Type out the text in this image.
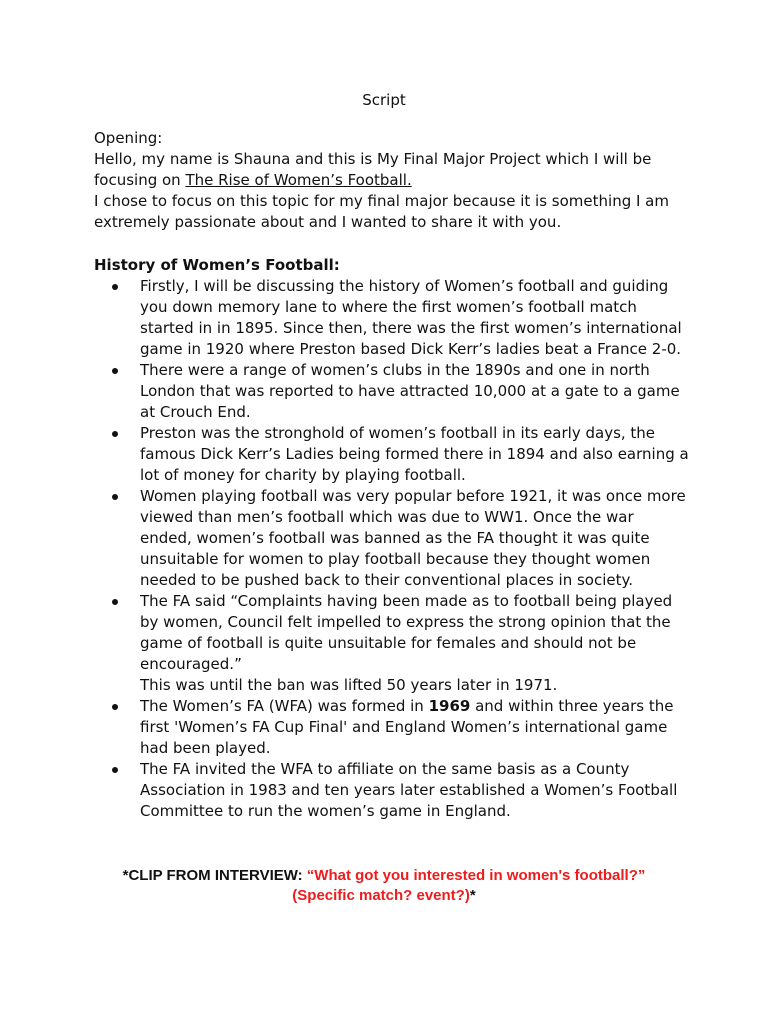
Script
Opening:
Hello, my name is Shauna and this is My Final Major Project which I will be
focusing on The Rise of Women’s Football.
I chose to focus on this topic for my final major because it is something I am
extremely passionate about and I wanted to share it with you.
History of Women’s Football:
Firstly, I will be discussing the history of Women’s football and guiding
you down memory lane to where the first women’s football match
started in in 1895. Since then, there was the first women’s international
game in 1920 where Preston based Dick Kerr’s ladies beat a France 2-0.
There were a range of women’s clubs in the 1890s and one in north
London that was reported to have attracted 10,000 at a gate to a game
at Crouch End.
Preston was the stronghold of women’s football in its early days, the
famous Dick Kerr’s Ladies being formed there in 1894 and also earning a
lot of money for charity by playing football.
Women playing football was very popular before 1921, it was once more
viewed than men’s football which was due to WW1. Once the war
ended, women’s football was banned as the FA thought it was quite
unsuitable for women to play football because they thought women
needed to be pushed back to their conventional places in society.
The FA said “Complaints having been made as to football being played
by women, Council felt impelled to express the strong opinion that the
game of football is quite unsuitable for females and should not be
encouraged.”
This was until the ban was lifted 50 years later in 1971.
The Women’s FA (WFA) was formed in 1969 and within three years the
first 'Women’s FA Cup Final' and England Women’s international game
had been played.
The FA invited the WFA to affiliate on the same basis as a County
Association in 1983 and ten years later established a Women’s Football
Committee to run the women’s game in England.
*CLIP FROM INTERVIEW: “What got you interested in women's football?”
(Specific match? event?)*
